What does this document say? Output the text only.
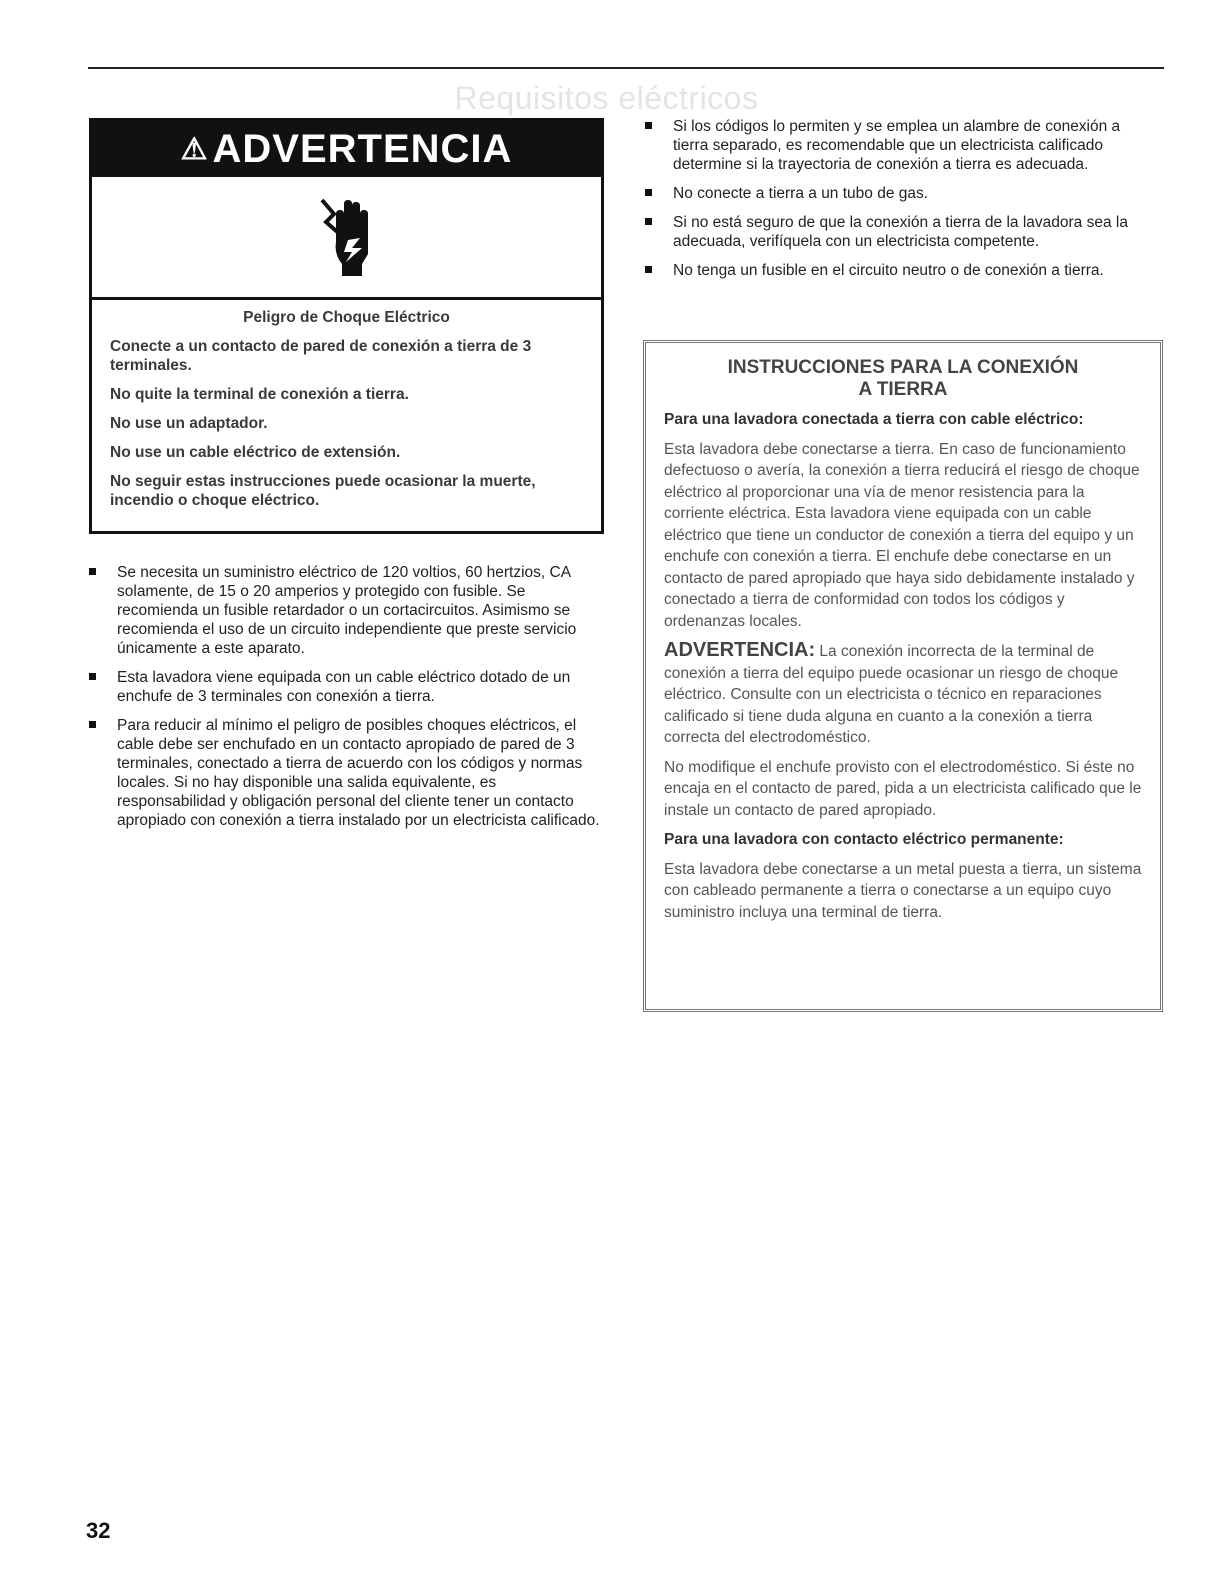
Requisitos eléctricos
⚠ ADVERTENCIA
Peligro de Choque Eléctrico

Conecte a un contacto de pared de conexión a tierra de 3 terminales.

No quite la terminal de conexión a tierra.

No use un adaptador.

No use un cable eléctrico de extensión.

No seguir estas instrucciones puede ocasionar la muerte, incendio o choque eléctrico.

Se necesita un suministro eléctrico de 120 voltios, 60 hertzios, CA solamente, de 15 o 20 amperios y protegido con fusible. Se recomienda un fusible retardador o un cortacircuitos. Asimismo se recomienda el uso de un circuito independiente que preste servicio únicamente a este aparato.
Esta lavadora viene equipada con un cable eléctrico dotado de un enchufe de 3 terminales con conexión a tierra.
Para reducir al mínimo el peligro de posibles choques eléctricos, el cable debe ser enchufado en un contacto apropiado de pared de 3 terminales, conectado a tierra de acuerdo con los códigos y normas locales. Si no hay disponible una salida equivalente, es responsabilidad y obligación personal del cliente tener un contacto apropiado con conexión a tierra instalado por un electricista calificado.
Si los códigos lo permiten y se emplea un alambre de conexión a tierra separado, es recomendable que un electricista calificado determine si la trayectoria de conexión a tierra es adecuada.
No conecte a tierra a un tubo de gas.
Si no está seguro de que la conexión a tierra de la lavadora sea la adecuada, verifíquela con un electricista competente.
No tenga un fusible en el circuito neutro o de conexión a tierra.
INSTRUCCIONES PARA LA CONEXIÓN
A TIERRA

Para una lavadora conectada a tierra con cable eléctrico:

Esta lavadora debe conectarse a tierra. En caso de funcionamiento defectuoso o avería, la conexión a tierra reducirá el riesgo de choque eléctrico al proporcionar una vía de menor resistencia para la corriente eléctrica. Esta lavadora viene equipada con un cable eléctrico que tiene un conductor de conexión a tierra del equipo y un enchufe con conexión a tierra. El enchufe debe conectarse en un contacto de pared apropiado que haya sido debidamente instalado y conectado a tierra de conformidad con todos los códigos y ordenanzas locales.

ADVERTENCIA: La conexión incorrecta de la terminal de conexión a tierra del equipo puede ocasionar un riesgo de choque eléctrico. Consulte con un electricista o técnico en reparaciones calificado si tiene duda alguna en cuanto a la conexión a tierra correcta del electrodoméstico.

No modifique el enchufe provisto con el electrodoméstico. Si éste no encaja en el contacto de pared, pida a un electricista calificado que le instale un contacto de pared apropiado.

Para una lavadora con contacto eléctrico permanente:

Esta lavadora debe conectarse a un metal puesta a tierra, un sistema con cableado permanente a tierra o conectarse a un equipo cuyo suministro incluya una terminal de tierra.

32
